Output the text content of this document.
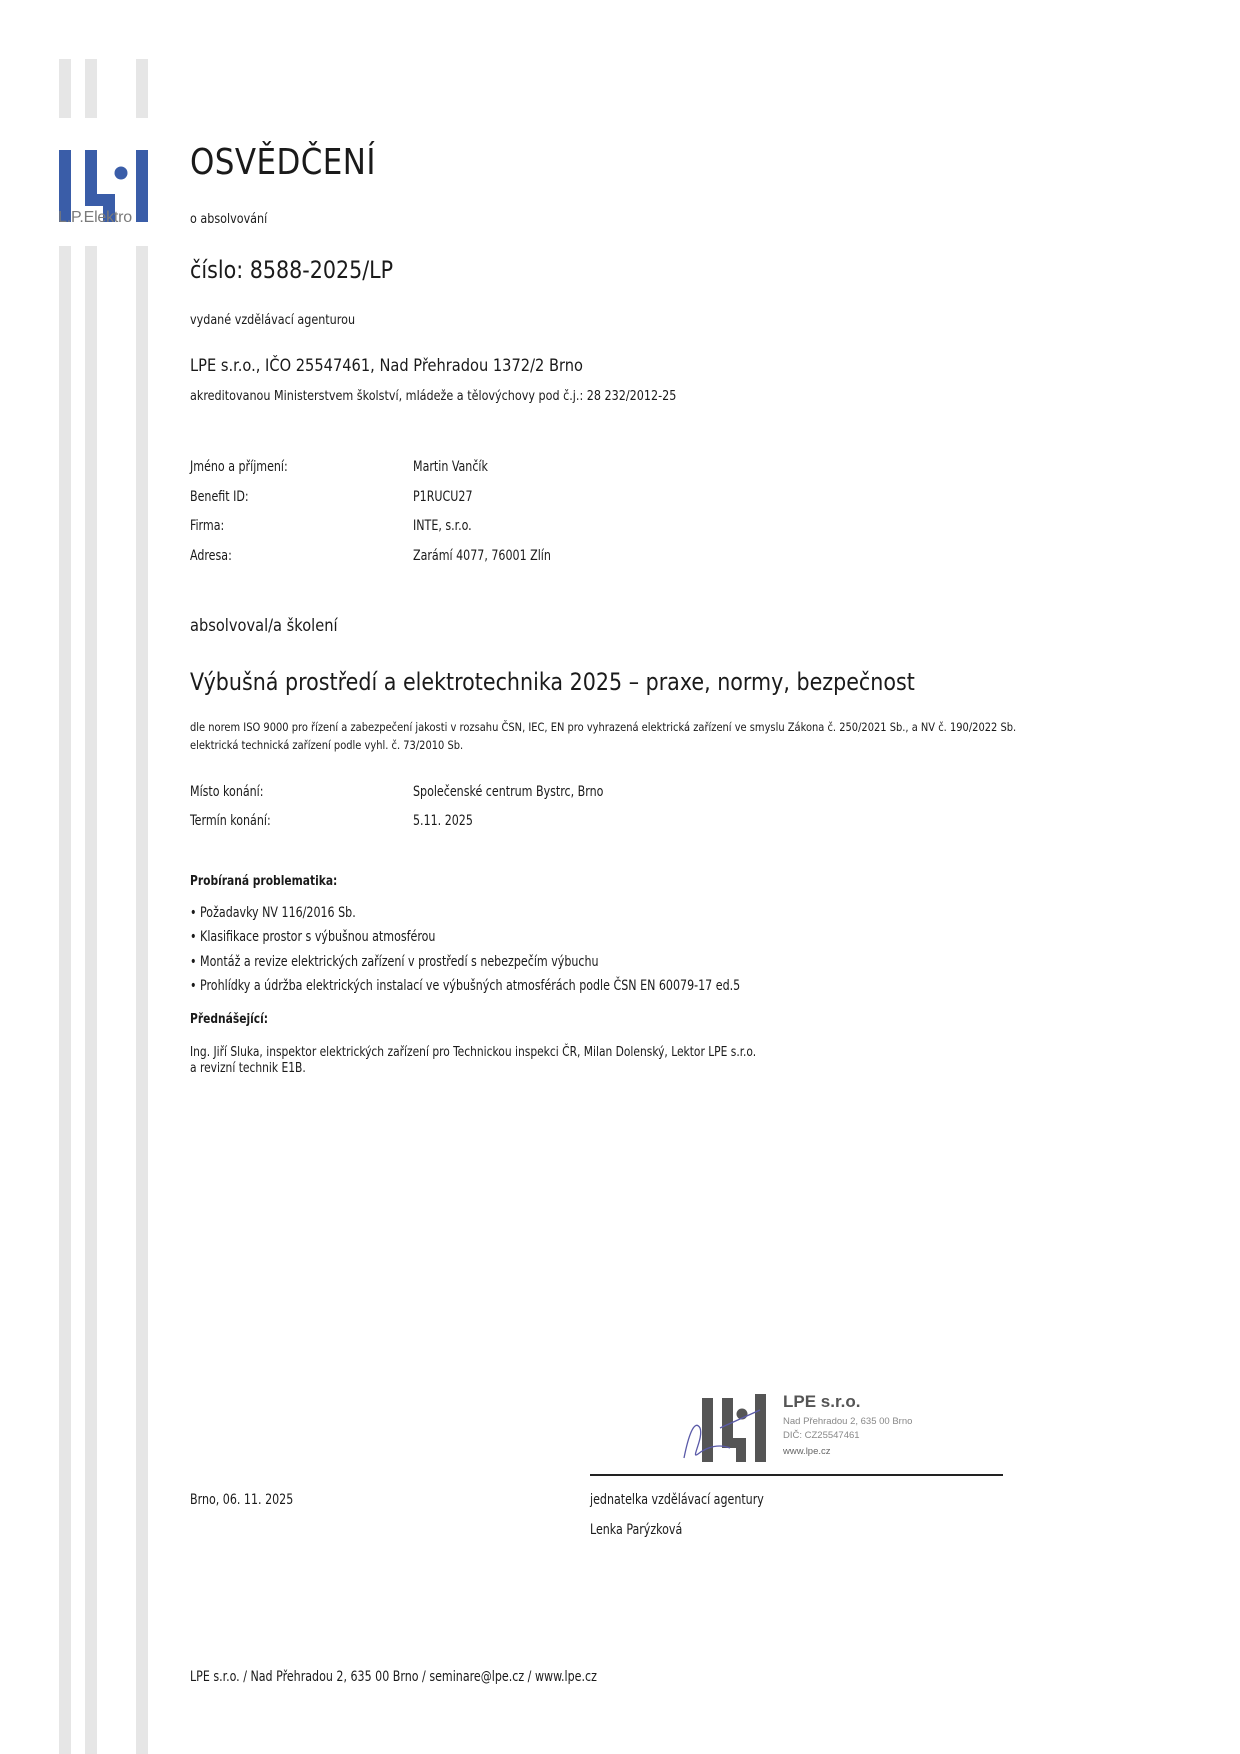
L.P.Elektro
OSVĚDČENÍ
o absolvování
číslo: 8588-2025/LP
vydané vzdělávací agenturou
LPE s.r.o., IČO 25547461, Nad Přehradou 1372/2 Brno
akreditovanou Ministerstvem školství, mládeže a tělovýchovy pod č.j.: 28 232/2012-25
Jméno a příjmení:	Martin Vančík
Benefit ID:	P1RUCU27
Firma:	INTE, s.r.o.
Adresa:	Zarámí 4077, 76001 Zlín
absolvoval/a školení
Výbušná prostředí a elektrotechnika 2025 – praxe, normy, bezpečnost
dle norem ISO 9000 pro řízení a zabezpečení jakosti v rozsahu ČSN, IEC, EN pro vyhrazená elektrická zařízení ve smyslu Zákona č. 250/2021 Sb., a NV č. 190/2022 Sb.
elektrická technická zařízení podle vyhl. č. 73/2010 Sb.
Místo konání:	Společenské centrum Bystrc, Brno
Termín konání:	5.11. 2025
Probíraná problematika:
• Požadavky NV 116/2016 Sb.
• Klasifikace prostor s výbušnou atmosférou
• Montáž a revize elektrických zařízení v prostředí s nebezpečím výbuchu
• Prohlídky a údržba elektrických instalací ve výbušných atmosférách podle ČSN EN 60079-17 ed.5
Přednášející:
Ing. Jiří Sluka, inspektor elektrických zařízení pro Technickou inspekci ČR, Milan Dolenský, Lektor LPE s.r.o.
a revizní technik E1B.
LPE s.r.o.
Nad Přehradou 2, 635 00 Brno
DIČ: CZ25547461
www.lpe.cz
Brno, 06. 11. 2025	jednatelka vzdělávací agentury
Lenka Parýzková
LPE s.r.o. / Nad Přehradou 2, 635 00 Brno / seminare@lpe.cz / www.lpe.cz
